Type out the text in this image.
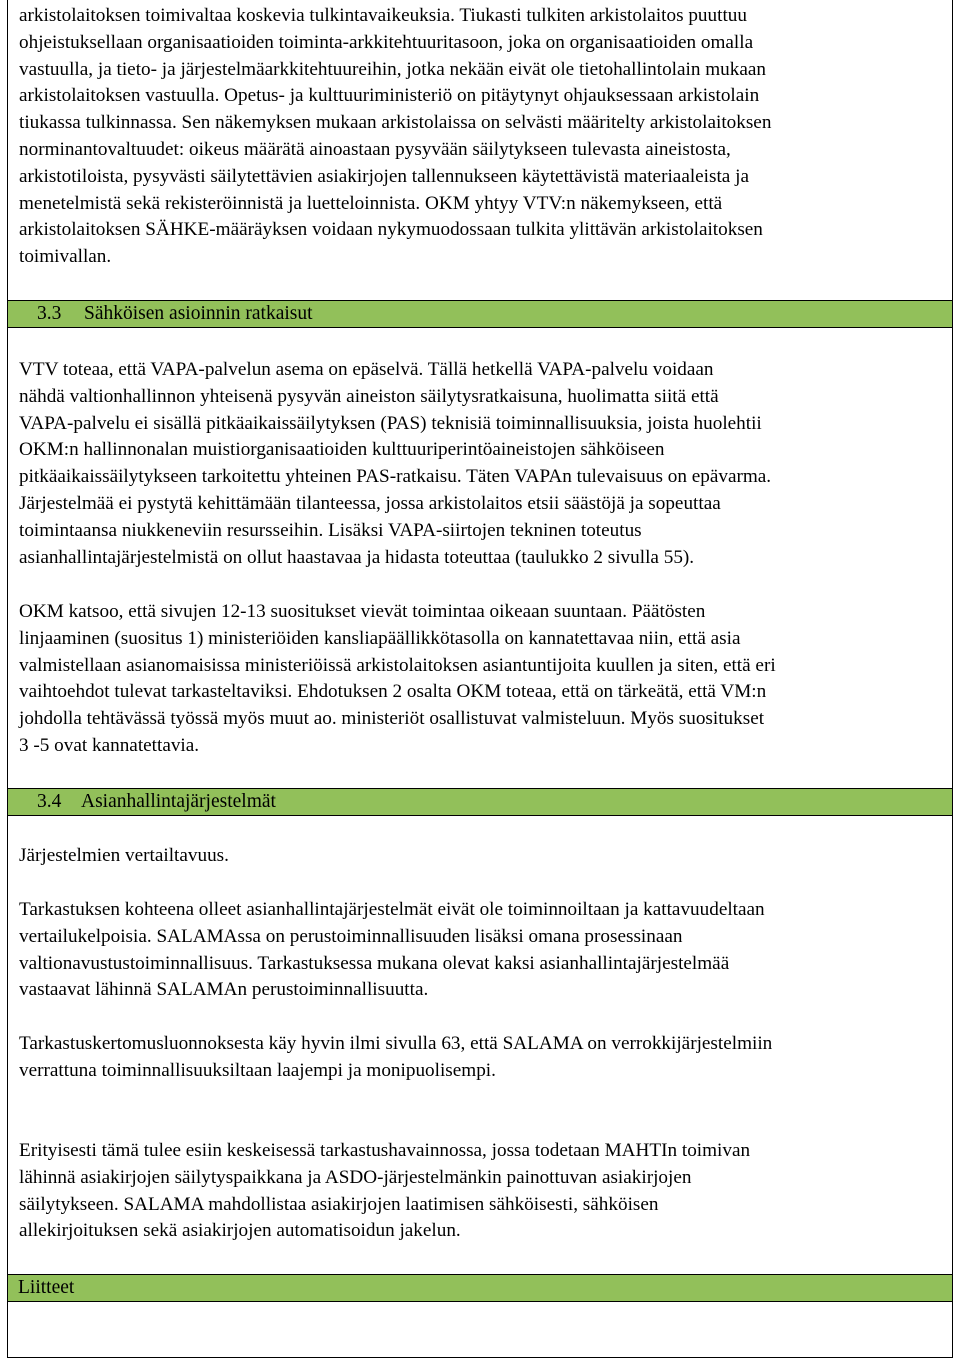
arkistolaitoksen toimivaltaa koskevia tulkintavaikeuksia. Tiukasti tulkiten arkistolaitos puuttuu
ohjeistuksellaan organisaatioiden toiminta-arkkitehtuuritasoon, joka on organisaatioiden omalla
vastuulla, ja tieto- ja järjestelmäarkkitehtuureihin, jotka nekään eivät ole tietohallintolain mukaan
arkistolaitoksen vastuulla. Opetus- ja kulttuuriministeriö on pitäytynyt ohjauksessaan arkistolain
tiukassa tulkinnassa. Sen näkemyksen mukaan arkistolaissa on selvästi määritelty arkistolaitoksen
norminantovaltuudet: oikeus määrätä ainoastaan pysyvään säilytykseen tulevasta aineistosta,
arkistotiloista, pysyvästi säilytettävien asiakirjojen tallennukseen käytettävistä materiaaleista ja
menetelmistä sekä rekisteröinnistä ja luetteloinnista. OKM yhtyy VTV:n näkemykseen, että
arkistolaitoksen SÄHKE-määräyksen voidaan nykymuodossaan tulkita ylittävän arkistolaitoksen
toimivallan.

3.3 Sähköisen asioinnin ratkaisut

VTV toteaa, että VAPA-palvelun asema on epäselvä. Tällä hetkellä VAPA-palvelu voidaan
nähdä valtionhallinnon yhteisenä pysyvän aineiston säilytysratkaisuna, huolimatta siitä että
VAPA-palvelu ei sisällä pitkäaikaissäilytyksen (PAS) teknisiä toiminnallisuuksia, joista huolehtii
OKM:n hallinnonalan muistiorganisaatioiden kulttuuriperintöaineistojen sähköiseen
pitkäaikaissäilytykseen tarkoitettu yhteinen PAS-ratkaisu. Täten VAPAn tulevaisuus on epävarma.
Järjestelmää ei pystytä kehittämään tilanteessa, jossa arkistolaitos etsii säästöjä ja sopeuttaa
toimintaansa niukkeneviin resursseihin. Lisäksi VAPA-siirtojen tekninen toteutus
asianhallintajärjestelmistä on ollut haastavaa ja hidasta toteuttaa (taulukko 2 sivulla 55).

OKM katsoo, että sivujen 12-13 suositukset vievät toimintaa oikeaan suuntaan. Päätösten
linjaaminen (suositus 1) ministeriöiden kansliapäällikkötasolla on kannatettavaa niin, että asia
valmistellaan asianomaisissa ministeriöissä arkistolaitoksen asiantuntijoita kuullen ja siten, että eri
vaihtoehdot tulevat tarkasteltaviksi. Ehdotuksen 2 osalta OKM toteaa, että on tärkeätä, että VM:n
johdolla tehtävässä työssä myös muut ao. ministeriöt osallistuvat valmisteluun. Myös suositukset
3 -5 ovat kannatettavia.

3.4 Asianhallintajärjestelmät

Järjestelmien vertailtavuus.

Tarkastuksen kohteena olleet asianhallintajärjestelmät eivät ole toiminnoiltaan ja kattavuudeltaan
vertailukelpoisia. SALAMAssa on perustoiminnallisuuden lisäksi omana prosessinaan
valtionavustustoiminnallisuus. Tarkastuksessa mukana olevat kaksi asianhallintajärjestelmää
vastaavat lähinnä SALAMAn perustoiminnallisuutta.

Tarkastuskertomusluonnoksesta käy hyvin ilmi sivulla 63, että SALAMA on verrokkijärjestelmiin
verrattuna toiminnallisuuksiltaan laajempi ja monipuolisempi.

Erityisesti tämä tulee esiin keskeisessä tarkastushavainnossa, jossa todetaan MAHTIn toimivan
lähinnä asiakirjojen säilytyspaikkana ja ASDO-järjestelmänkin painottuvan asiakirjojen
säilytykseen. SALAMA mahdollistaa asiakirjojen laatimisen sähköisesti, sähköisen
allekirjoituksen sekä asiakirjojen automatisoidun jakelun.

Liitteet
